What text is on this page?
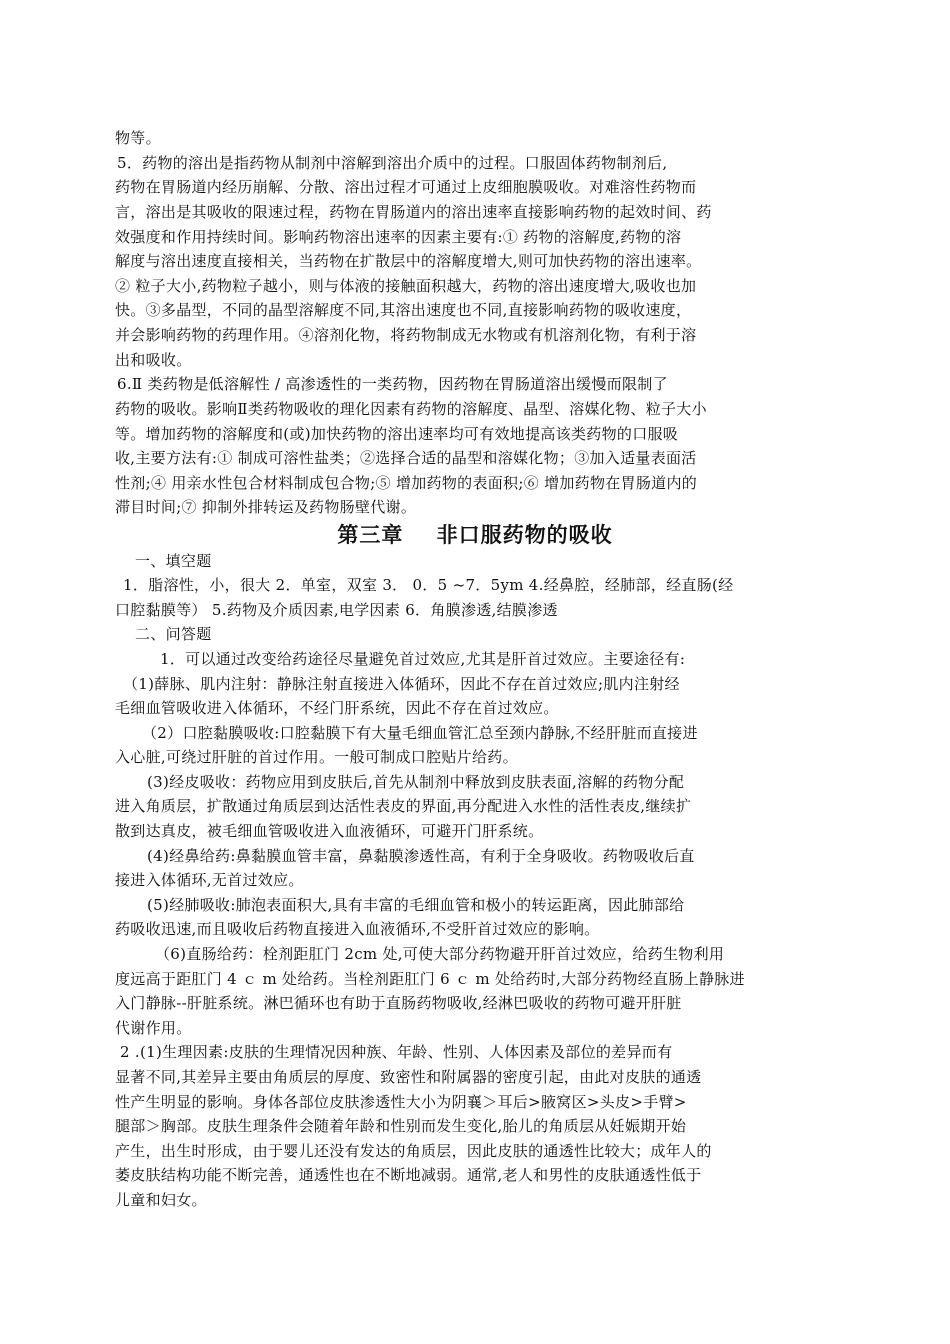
物等。
5．药物的溶出是指药物从制剂中溶解到溶出介质中的过程。口服固体药物制剂后,
药物在胃肠道内经历崩解、分散、溶出过程才可通过上皮细胞膜吸收。对难溶性药物而
言，溶出是其吸收的限速过程，药物在胃肠道内的溶出速率直接影响药物的起效时间、药
效强度和作用持续时间。影响药物溶出速率的因素主要有:① 药物的溶解度,药物的溶
解度与溶出速度直接相关，当药物在扩散层中的溶解度增大,则可加快药物的溶出速率。
② 粒子大小,药物粒子越小，则与体液的接触面积越大，药物的溶出速度增大,吸收也加
快。③多晶型，不同的晶型溶解度不同,其溶出速度也不同,直接影响药物的吸收速度，
并会影响药物的药理作用。④溶剂化物，将药物制成无水物或有机溶剂化物，有利于溶
出和吸收。
6.Ⅱ 类药物是低溶解性 / 高渗透性的一类药物，因药物在胃肠道溶出缓慢而限制了
药物的吸收。影响Ⅱ类药物吸收的理化因素有药物的溶解度、晶型、溶媒化物、粒子大小
等。增加药物的溶解度和(或)加快药物的溶出速率均可有效地提高该类药物的口服吸
收,主要方法有:① 制成可溶性盐类；②选择合适的晶型和溶媒化物；③加入适量表面活
性剂;④ 用亲水性包合材料制成包合物;⑤ 增加药物的表面积;⑥ 增加药物在胃肠道内的
滞目时间;⑦ 抑制外排转运及药物肠壁代谢。
第三章    非口服药物的吸收
一、填空题
1．脂溶性，小，很大 2．单室，双室 3． 0．5 ~7．5ym 4.经鼻腔，经肺部，经直肠(经
口腔黏膜等） 5.药物及介质因素,电学因素 6．角膜渗透,结膜渗透
二、问答题
1．可以通过改变给药途径尽量避免首过效应,尤其是肝首过效应。主要途径有:
（1)薛脉、肌内注射：静脉注射直接进入体循环，因此不存在首过效应;肌内注射经
毛细血管吸收进入体循环，不经门肝系统，因此不存在首过效应。
（2）口腔黏膜吸收:口腔黏膜下有大量毛细血管汇总至颈内静脉,不经肝脏而直接进
入心脏,可绕过肝脏的首过作用。一般可制成口腔贴片给药。
(3)经皮吸收：药物应用到皮肤后,首先从制剂中释放到皮肤表面,溶解的药物分配
进入角质层，扩散通过角质层到达活性表皮的界面,再分配进入水性的活性表皮,继续扩
散到达真皮，被毛细血管吸收进入血液循环，可避开门肝系统。
(4)经鼻给药:鼻黏膜血管丰富，鼻黏膜渗透性高，有利于全身吸收。药物吸收后直
接进入体循环,无首过效应。
(5)经肺吸收:肺泡表面积大,具有丰富的毛细血管和极小的转运距离，因此肺部给
药吸收迅速,而且吸收后药物直接进入血液循环,不受肝首过效应的影响。
（6)直肠给药：栓剂距肛门 2cm 处,可使大部分药物避开肝首过效应，给药生物利用
度远高于距肛门 4 ｃ m 处给药。当栓剂距肛门 6 ｃ m 处给药时,大部分药物经直肠上静脉进
入门静脉--肝脏系统。淋巴循环也有助于直肠药物吸收,经淋巴吸收的药物可避开肝脏
代谢作用。
2 .(1)生理因素:皮肤的生理情况因种族、年龄、性别、人体因素及部位的差异而有
显著不同,其差异主要由角质层的厚度、致密性和附属器的密度引起，由此对皮肤的通透
性产生明显的影响。身体各部位皮肤渗透性大小为阴襄＞耳后>腋窝区>头皮>手臂>
腿部＞胸部。皮肤生理条件会随着年龄和性别而发生变化,胎儿的角质层从妊娠期开始
产生，出生时形成，由于婴儿还没有发达的角质层，因此皮肤的通透性比较大；成年人的
萎皮肤结构功能不断完善，通透性也在不断地减弱。通常,老人和男性的皮肤通透性低于
儿童和妇女。
